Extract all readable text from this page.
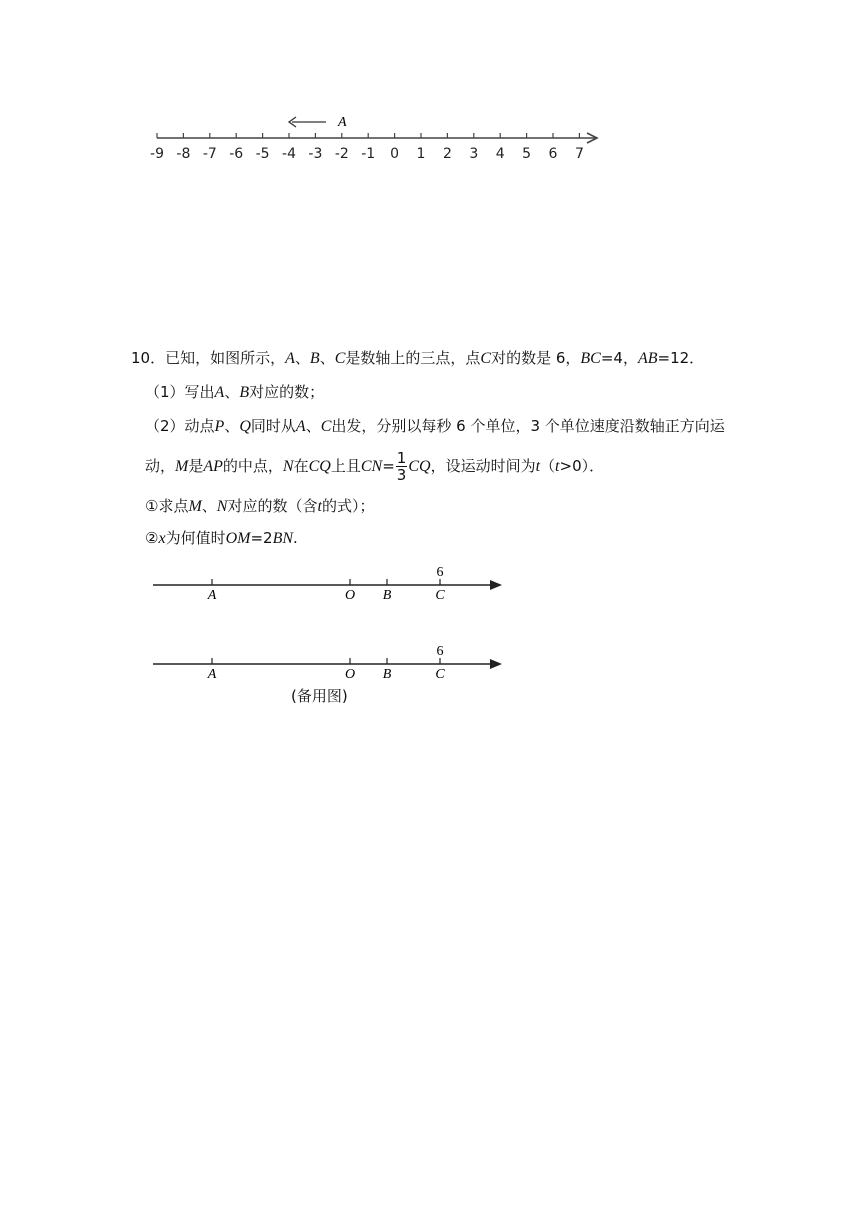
-9 -8 -7 -6 -5 -4 -3 -2 -1 0 1 2 3 4 5 6 7
A
10．已知，如图所示，A、B、C是数轴上的三点，点C对的数是 6，BC=4，AB=12．
（1）写出A、B对应的数；
（2）动点P、Q同时从A、C出发，分别以每秒 6 个单位，3 个单位速度沿数轴正方向运
动，M是AP的中点，N在CQ上且$CN= \frac{1}{3}$ CQ，设运动时间为t（t>0）．
①求点M、N对应的数（含t的式）；
②x为何值时OM=2BN.
A	O B	C
6
A	O B	C
6
(备用图)
